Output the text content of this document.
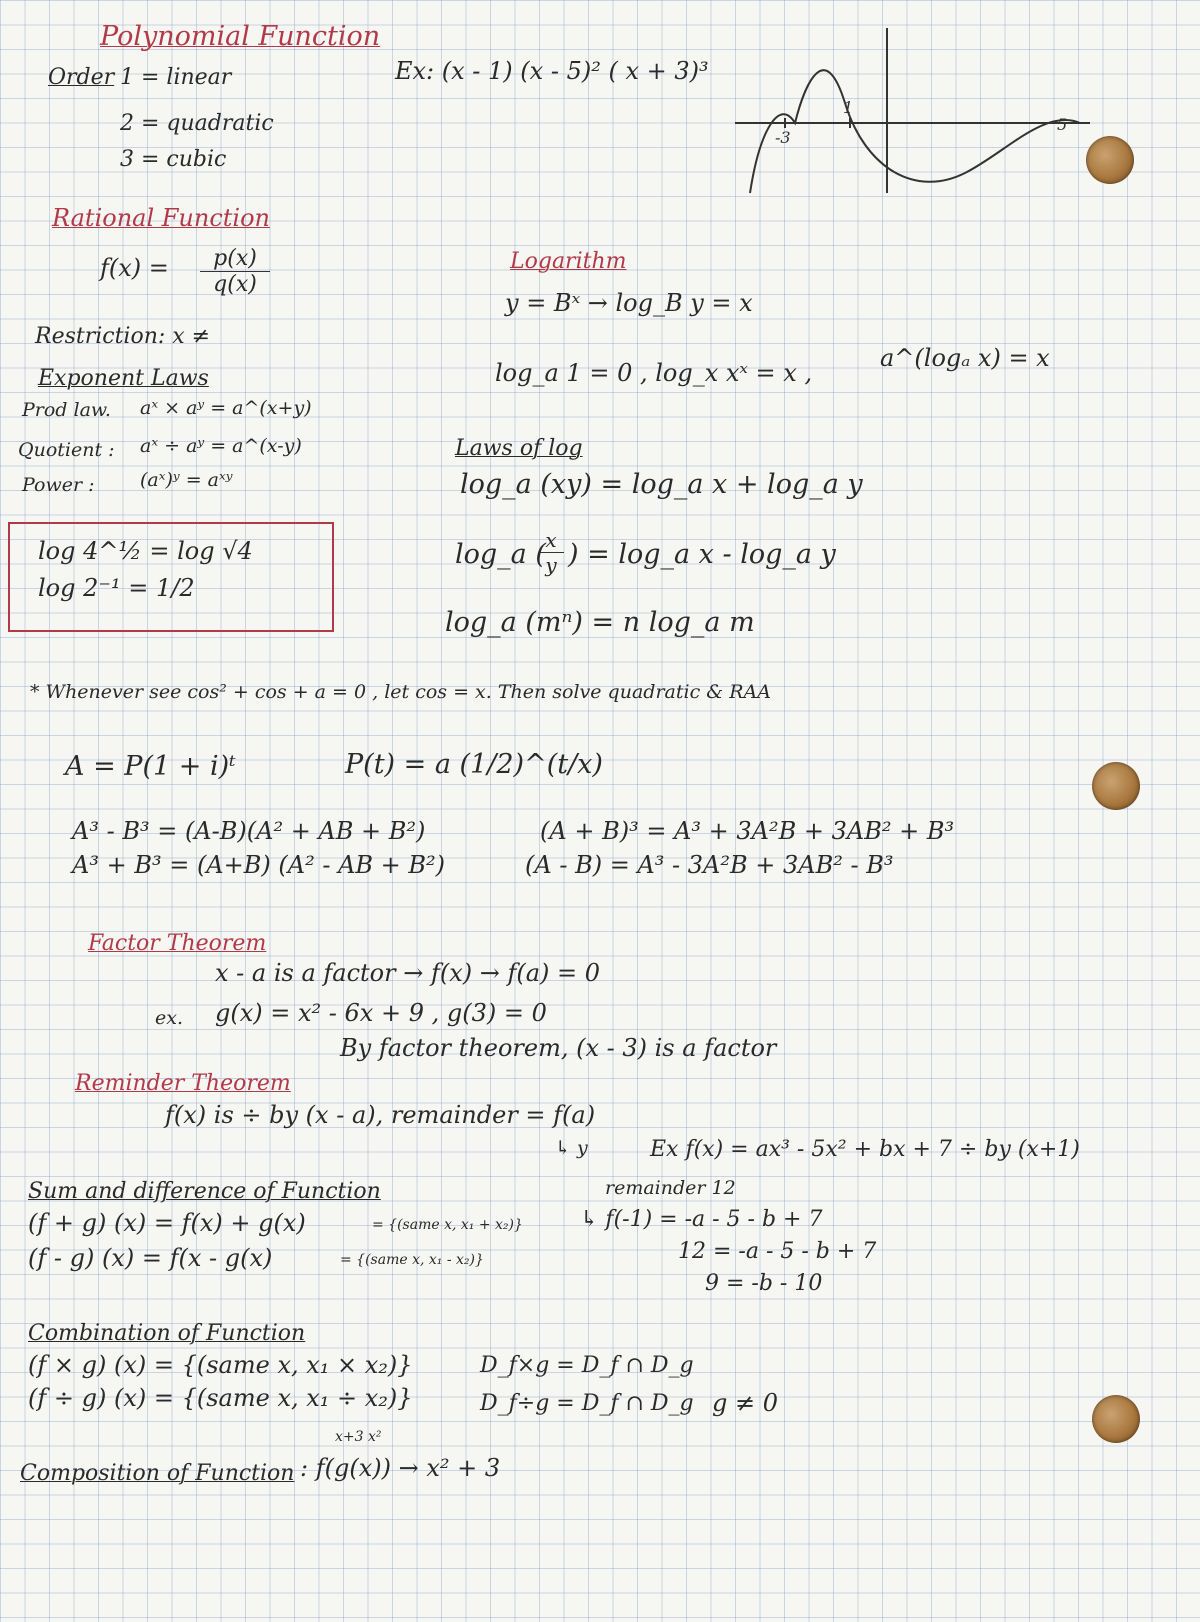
Polynomial Function
Order 1 = linear
2 = quadratic
3 = cubic
Ex: (x - 1) (x - 5)² ( x + 3)³
-3
1
5
Rational Function
$f(x) = \frac{p(x)}{q(x)}$
Restriction: x ≠
Logarithm
y = Bˣ → log_B y = x
log_a 1 = 0 , log_x xˣ = x ,
a^(logₐ x) = x
Laws of log
log_a (xy) = log_a x + log_a y
log_a (
$\frac{x}{y}$ ) = log_a x - log_a y
log_a (mⁿ) = n log_a m
Exponent Laws
Prod law. aˣ × aʸ = a^(x+y)
Quotient : aˣ ÷ aʸ = a^(x-y)
Power : (aˣ)ʸ = aˣʸ
log 4^½ = log √4
log 2⁻¹ = 1/2
* Whenever see cos² + cos + a = 0 , let cos = x. Then solve quadratic & RAA
A = P(1 + i)ᵗ	P(t) = a (1/2)^(t/x)
A³ - B³ = (A-B)(A² + AB + B²)
A³ + B³ = (A+B) (A² - AB + B²)
(A + B)³ = A³ + 3A²B + 3AB² + B³
(A - B) = A³ - 3A²B + 3AB² - B³
Factor Theorem
x - a is a factor → f(x) → f(a) = 0
ex. g(x) = x² - 6x + 9 , g(3) = 0
By factor theorem, (x - 3) is a factor
Reminder Theorem
f(x) is ÷ by (x - a), remainder = f(a)
↳ y	Ex f(x) = ax³ - 5x² + bx + 7 ÷ by (x+1)
remainder 12
↳ f(-1) = -a - 5 - b + 7
12 = -a - 5 - b + 7
9 = -b - 10
Sum and difference of Function
(f + g) (x) = f(x) + g(x)	= {(same x, x₁ + x₂)}
(f - g) (x) = f(x - g(x)	= {(same x, x₁ - x₂)}
Combination of Function
(f × g) (x) = {(same x, x₁ × x₂)}
(f ÷ g) (x) = {(same x, x₁ ÷ x₂)}
D_f×g = D_f ∩ D_g
D_f÷g = D_f ∩ D_g g ≠ 0
x+3 x²
Composition of Function : f(g(x)) → x² + 3
